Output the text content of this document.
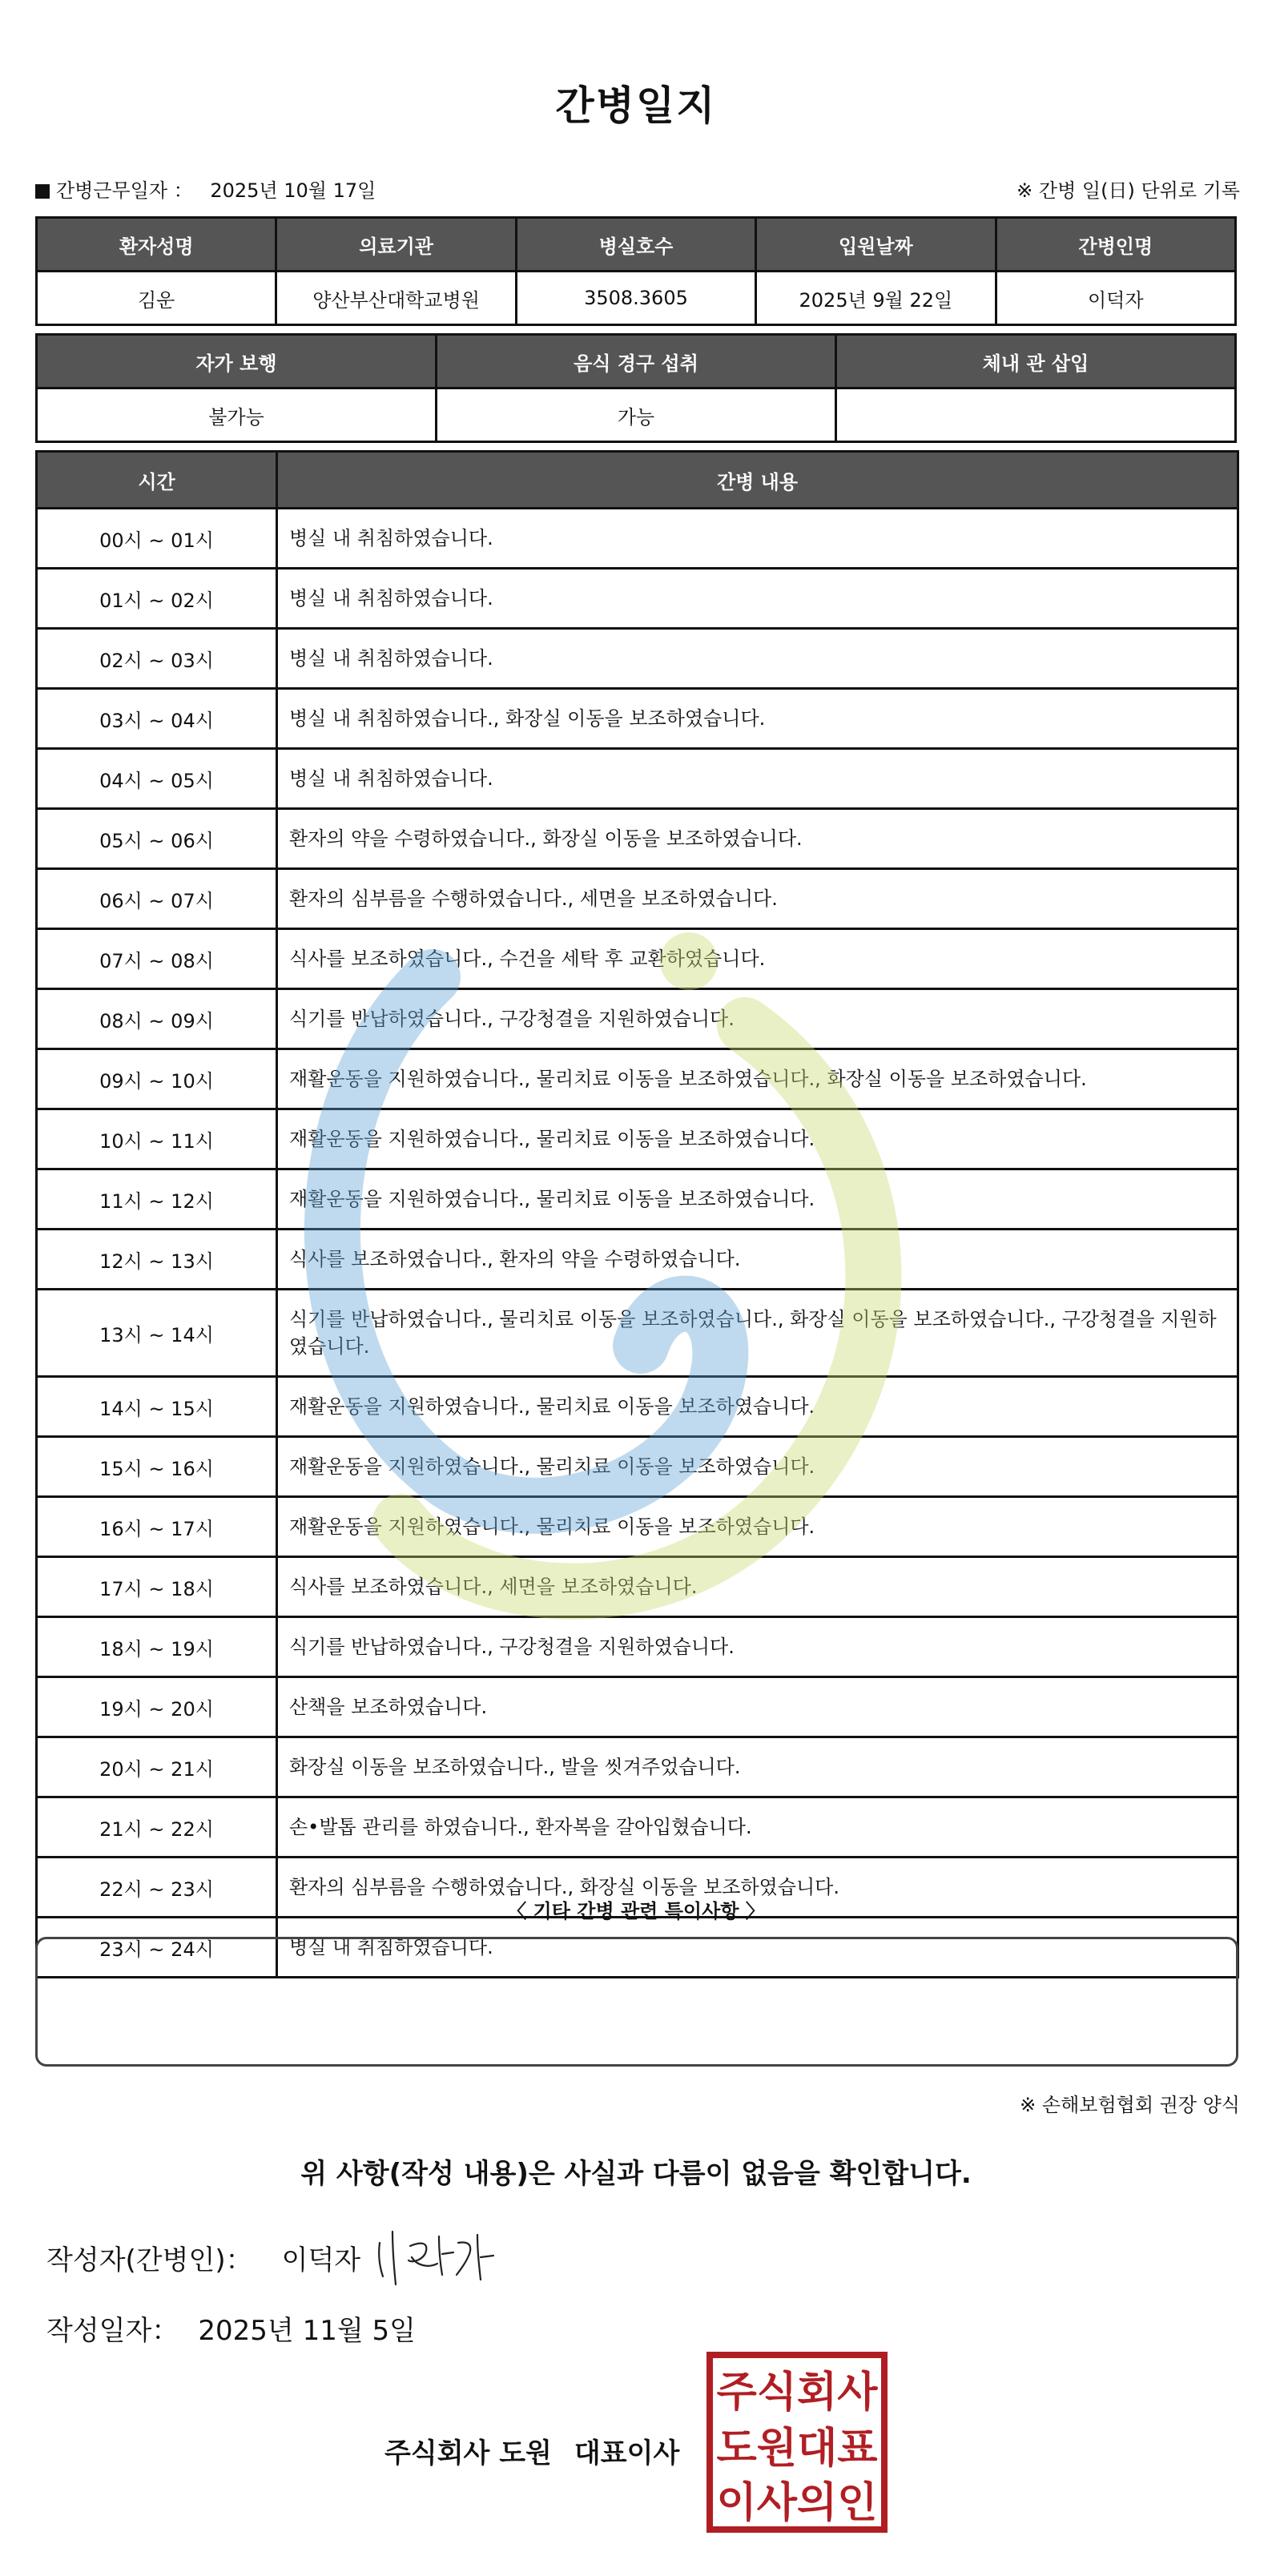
간병일지
간병근무일자 ： 2025년 10월 17일	※ 간병 일(日) 단위로 기록
환자성명	의료기관	병실호수	입원날짜	간병인명
김운	양산부산대학교병원	3508.3605	2025년 9월 22일	이덕자
자가 보행	음식 경구 섭취	체내 관 삽입
불가능	가능	
시간	간병 내용
00시 ~ 01시	병실 내 취침하였습니다.
01시 ~ 02시	병실 내 취침하였습니다.
02시 ~ 03시	병실 내 취침하였습니다.
03시 ~ 04시	병실 내 취침하였습니다., 화장실 이동을 보조하였습니다.
04시 ~ 05시	병실 내 취침하였습니다.
05시 ~ 06시	환자의 약을 수령하였습니다., 화장실 이동을 보조하였습니다.
06시 ~ 07시	환자의 심부름을 수행하였습니다., 세면을 보조하였습니다.
07시 ~ 08시	식사를 보조하였습니다., 수건을 세탁 후 교환하였습니다.
08시 ~ 09시	식기를 반납하였습니다., 구강청결을 지원하였습니다.
09시 ~ 10시	재활운동을 지원하였습니다., 물리치료 이동을 보조하였습니다., 화장실 이동을 보조하였습니다.
10시 ~ 11시	재활운동을 지원하였습니다., 물리치료 이동을 보조하였습니다.
11시 ~ 12시	재활운동을 지원하였습니다., 물리치료 이동을 보조하였습니다.
12시 ~ 13시	식사를 보조하였습니다., 환자의 약을 수령하였습니다.
13시 ~ 14시	식기를 반납하였습니다., 물리치료 이동을 보조하였습니다., 화장실 이동을 보조하였습니다., 구강청결을 지원하였습니다.
14시 ~ 15시	재활운동을 지원하였습니다., 물리치료 이동을 보조하였습니다.
15시 ~ 16시	재활운동을 지원하였습니다., 물리치료 이동을 보조하였습니다.
16시 ~ 17시	재활운동을 지원하였습니다., 물리치료 이동을 보조하였습니다.
17시 ~ 18시	식사를 보조하였습니다., 세면을 보조하였습니다.
18시 ~ 19시	식기를 반납하였습니다., 구강청결을 지원하였습니다.
19시 ~ 20시	산책을 보조하였습니다.
20시 ~ 21시	화장실 이동을 보조하였습니다., 발을 씻겨주었습니다.
21시 ~ 22시	손•발톱 관리를 하였습니다., 환자복을 갈아입혔습니다.
22시 ~ 23시	환자의 심부름을 수행하였습니다., 화장실 이동을 보조하였습니다.
23시 ~ 24시	병실 내 취침하였습니다.
〈 기타 간병 관련 특이사항 〉
※ 손해보험협회 권장 양식
위 사항(작성 내용)은 사실과 다름이 없음을 확인합니다.
작성자(간병인)： 이덕자
작성일자： 2025년 11월 5일
주식회사 도원 대표이사
주식회사
도원대표
이사의인
